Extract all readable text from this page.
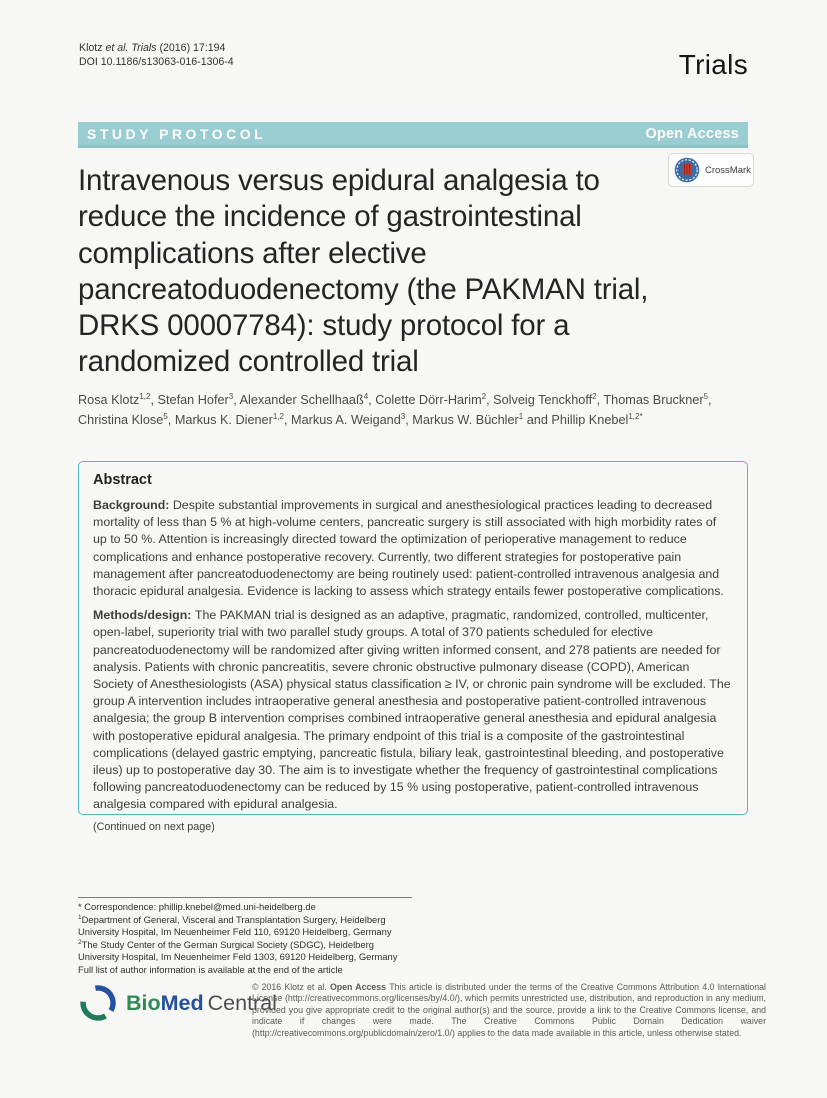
Klotz et al. Trials (2016) 17:194
DOI 10.1186/s13063-016-1306-4	Trials
STUDY PROTOCOL	Open Access
CrossMark
Intravenous versus epidural analgesia to reduce the incidence of gastrointestinal complications after elective pancreatoduodenectomy (the PAKMAN trial, DRKS 00007784): study protocol for a randomized controlled trial
Rosa Klotz$^{1,2}$, Stefan Hofer$^3$, Alexander Schellhaaß$^4$, Colette Dörr-Harim$^2$, Solveig Tenckhoff$^2$, Thomas Bruckner$^5$, Christina Klose$^5$, Markus K. Diener$^{1,2}$, Markus A. Weigand$^3$, Markus W. Büchler$^1$ and Phillip Knebel$^{1,2*}$
Abstract

Background: Despite substantial improvements in surgical and anesthesiological practices leading to decreased mortality of less than 5 % at high-volume centers, pancreatic surgery is still associated with high morbidity rates of up to 50 %. Attention is increasingly directed toward the optimization of perioperative management to reduce complications and enhance postoperative recovery. Currently, two different strategies for postoperative pain management after pancreatoduodenectomy are being routinely used: patient-controlled intravenous analgesia and thoracic epidural analgesia. Evidence is lacking to assess which strategy entails fewer postoperative complications.

Methods/design: The PAKMAN trial is designed as an adaptive, pragmatic, randomized, controlled, multicenter, open-label, superiority trial with two parallel study groups. A total of 370 patients scheduled for elective pancreatoduodenectomy will be randomized after giving written informed consent, and 278 patients are needed for analysis. Patients with chronic pancreatitis, severe chronic obstructive pulmonary disease (COPD), American Society of Anesthesiologists (ASA) physical status classification ≥ IV, or chronic pain syndrome will be excluded. The group A intervention includes intraoperative general anesthesia and postoperative patient-controlled intravenous analgesia; the group B intervention comprises combined intraoperative general anesthesia and epidural analgesia with postoperative epidural analgesia. The primary endpoint of this trial is a composite of the gastrointestinal complications (delayed gastric emptying, pancreatic fistula, biliary leak, gastrointestinal bleeding, and postoperative ileus) up to postoperative day 30. The aim is to investigate whether the frequency of gastrointestinal complications following pancreatoduodenectomy can be reduced by 15 % using postoperative, patient-controlled intravenous analgesia compared with epidural analgesia.

(Continued on next page)
* Correspondence: phillip.knebel@med.uni-heidelberg.de
$^1$Department of General, Visceral and Transplantation Surgery, Heidelberg University Hospital, Im Neuenheimer Feld 110, 69120 Heidelberg, Germany
$^2$The Study Center of the German Surgical Society (SDGC), Heidelberg University Hospital, Im Neuenheimer Feld 1303, 69120 Heidelberg, Germany
Full list of author information is available at the end of the article
BioMed Central
© 2016 Klotz et al. Open Access This article is distributed under the terms of the Creative Commons Attribution 4.0 International License (http://creativecommons.org/licenses/by/4.0/), which permits unrestricted use, distribution, and reproduction in any medium, provided you give appropriate credit to the original author(s) and the source, provide a link to the Creative Commons license, and indicate if changes were made. The Creative Commons Public Domain Dedication waiver (http://creativecommons.org/publicdomain/zero/1.0/) applies to the data made available in this article, unless otherwise stated.
